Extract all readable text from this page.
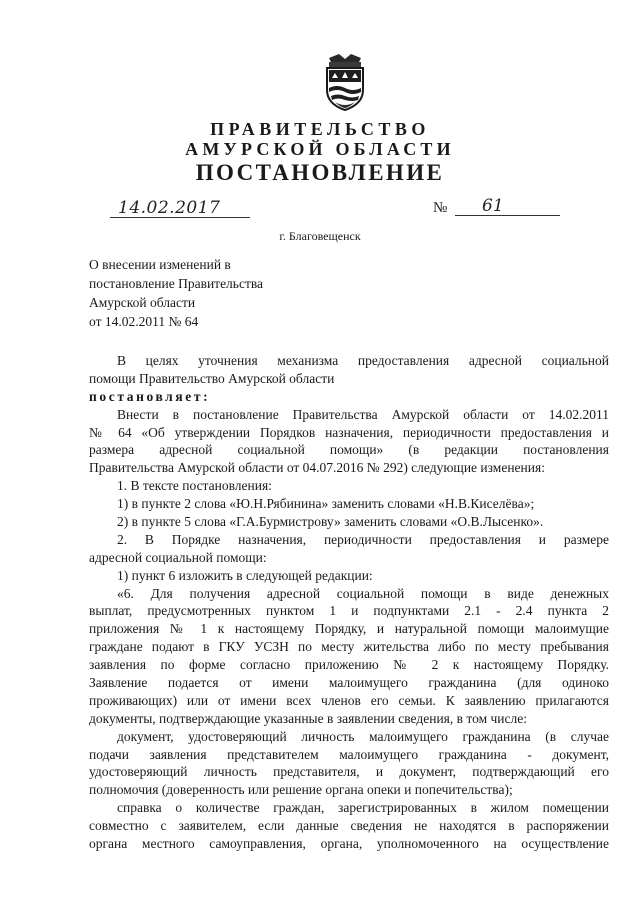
ПРАВИТЕЛЬСТВО
АМУРСКОЙ ОБЛАСТИ
ПОСТАНОВЛЕНИЕ
14.02.2017	№ 61
г. Благовещенск
О внесении изменений в
постановление Правительства
Амурской области
от 14.02.2011 № 64
В целях уточнения механизма предоставления адресной социальной
помощи Правительство Амурской области
постановляет:
Внести в постановление Правительства Амурской области от 14.02.2011
№ 64 «Об утверждении Порядков назначения, периодичности предоставления и
размера адресной социальной помощи» (в редакции постановления
Правительства Амурской области от 04.07.2016 № 292) следующие изменения:
1. В тексте постановления:
1) в пункте 2 слова «Ю.Н.Рябинина» заменить словами «Н.В.Киселёва»;
2) в пункте 5 слова «Г.А.Бурмистрову» заменить словами «О.В.Лысенко».
2. В Порядке назначения, периодичности предоставления и размере
адресной социальной помощи:
1) пункт 6 изложить в следующей редакции:
«6. Для получения адресной социальной помощи в виде денежных
выплат, предусмотренных пунктом 1 и подпунктами 2.1 - 2.4 пункта 2
приложения № 1 к настоящему Порядку, и натуральной помощи малоимущие
граждане подают в ГКУ УСЗН по месту жительства либо по месту пребывания
заявления по форме согласно приложению № 2 к настоящему Порядку.
Заявление подается от имени малоимущего гражданина (для одиноко
проживающих) или от имени всех членов его семьи. К заявлению прилагаются
документы, подтверждающие указанные в заявлении сведения, в том числе:
документ, удостоверяющий личность малоимущего гражданина (в случае
подачи заявления представителем малоимущего гражданина - документ,
удостоверяющий личность представителя, и документ, подтверждающий его
полномочия (доверенность или решение органа опеки и попечительства);
справка о количестве граждан, зарегистрированных в жилом помещении
совместно с заявителем, если данные сведения не находятся в распоряжении
органа местного самоуправления, органа, уполномоченного на осуществление
